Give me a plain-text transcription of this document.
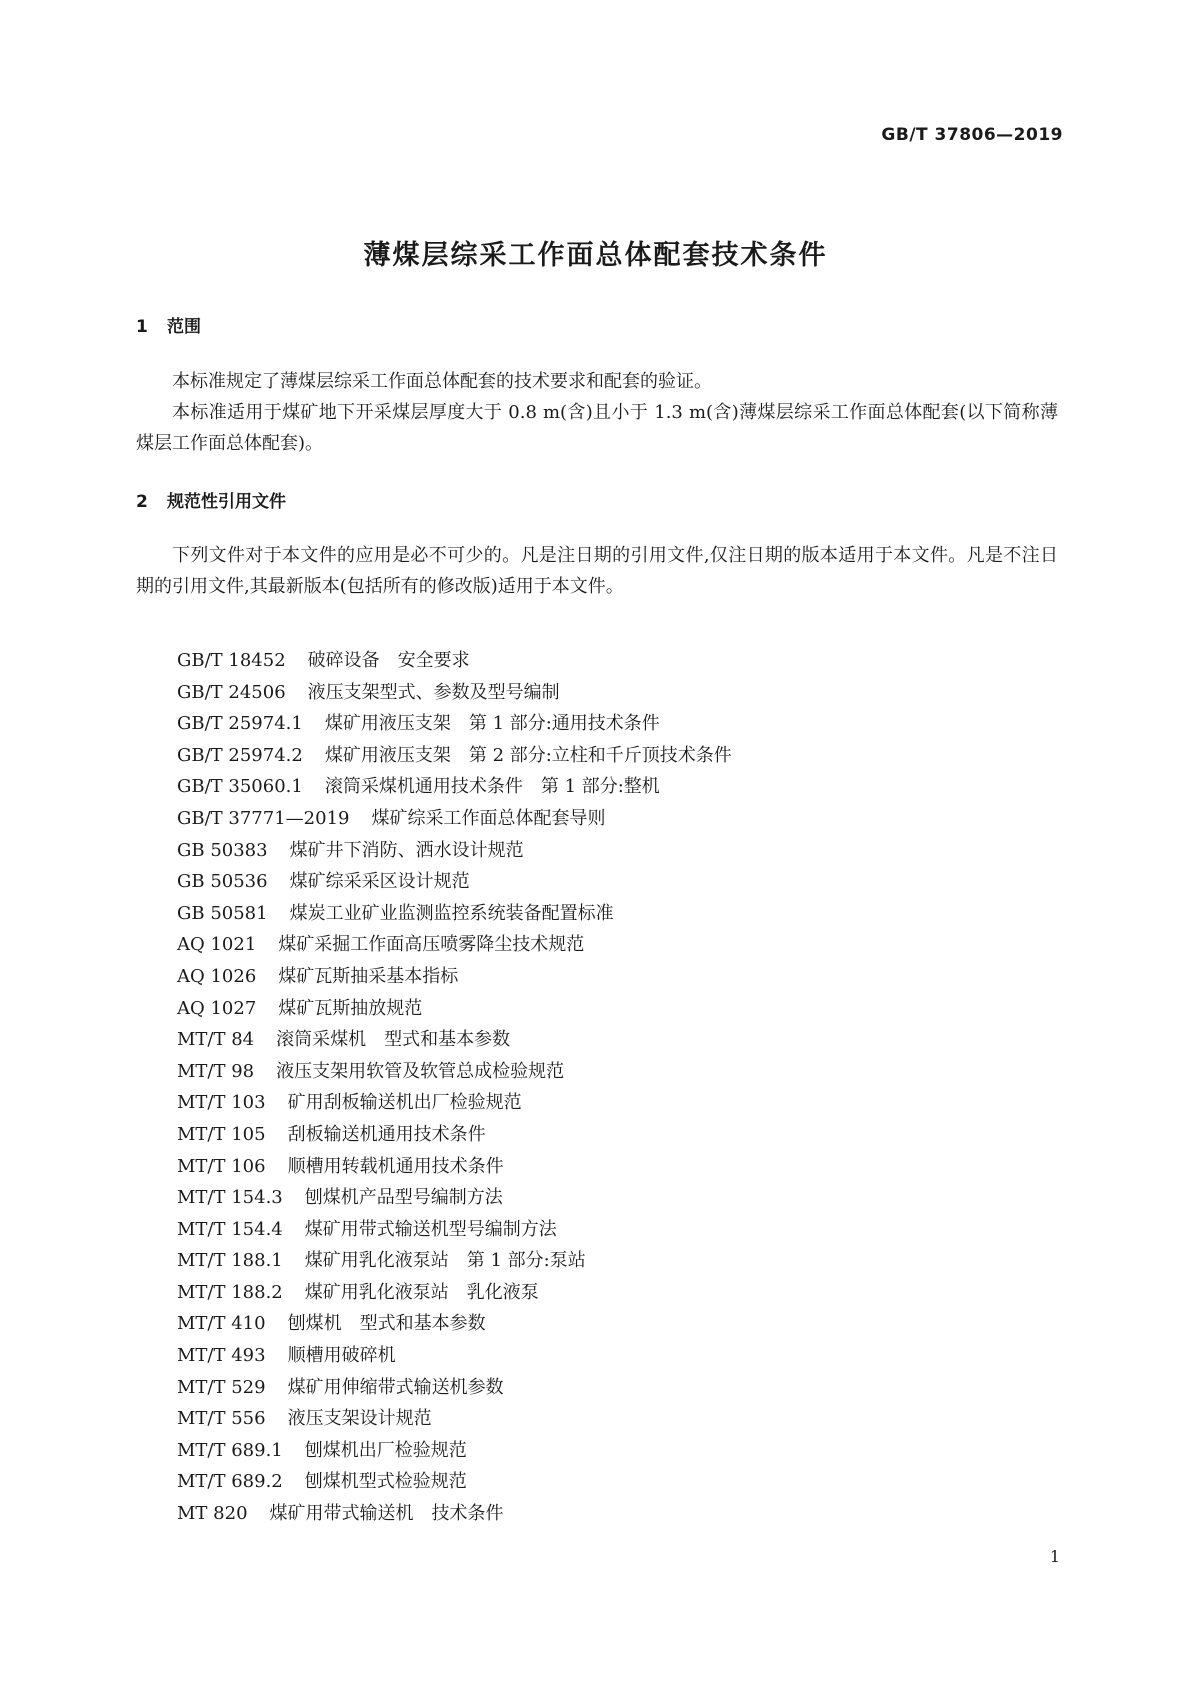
GB/T 37806—2019
薄煤层综采工作面总体配套技术条件
1 范围
本标准规定了薄煤层综采工作面总体配套的技术要求和配套的验证。
本标准适用于煤矿地下开采煤层厚度大于 0.8 m(含)且小于 1.3 m(含)薄煤层综采工作面总体配套(以下简称薄煤层工作面总体配套)。
2 规范性引用文件
下列文件对于本文件的应用是必不可少的。凡是注日期的引用文件,仅注日期的版本适用于本文件。凡是不注日期的引用文件,其最新版本(包括所有的修改版)适用于本文件。
GB/T 18452 破碎设备　安全要求
GB/T 24506 液压支架型式、参数及型号编制
GB/T 25974.1 煤矿用液压支架　第 1 部分:通用技术条件
GB/T 25974.2 煤矿用液压支架　第 2 部分:立柱和千斤顶技术条件
GB/T 35060.1 滚筒采煤机通用技术条件　第 1 部分:整机
GB/T 37771—2019 煤矿综采工作面总体配套导则
GB 50383 煤矿井下消防、洒水设计规范
GB 50536 煤矿综采采区设计规范
GB 50581 煤炭工业矿业监测监控系统装备配置标准
AQ 1021 煤矿采掘工作面高压喷雾降尘技术规范
AQ 1026 煤矿瓦斯抽采基本指标
AQ 1027 煤矿瓦斯抽放规范
MT/T 84 滚筒采煤机　型式和基本参数
MT/T 98 液压支架用软管及软管总成检验规范
MT/T 103 矿用刮板输送机出厂检验规范
MT/T 105 刮板输送机通用技术条件
MT/T 106 顺槽用转载机通用技术条件
MT/T 154.3 刨煤机产品型号编制方法
MT/T 154.4 煤矿用带式输送机型号编制方法
MT/T 188.1 煤矿用乳化液泵站　第 1 部分:泵站
MT/T 188.2 煤矿用乳化液泵站　乳化液泵
MT/T 410 刨煤机　型式和基本参数
MT/T 493 顺槽用破碎机
MT/T 529 煤矿用伸缩带式输送机参数
MT/T 556 液压支架设计规范
MT/T 689.1 刨煤机出厂检验规范
MT/T 689.2 刨煤机型式检验规范
MT 820 煤矿用带式输送机　技术条件
1
